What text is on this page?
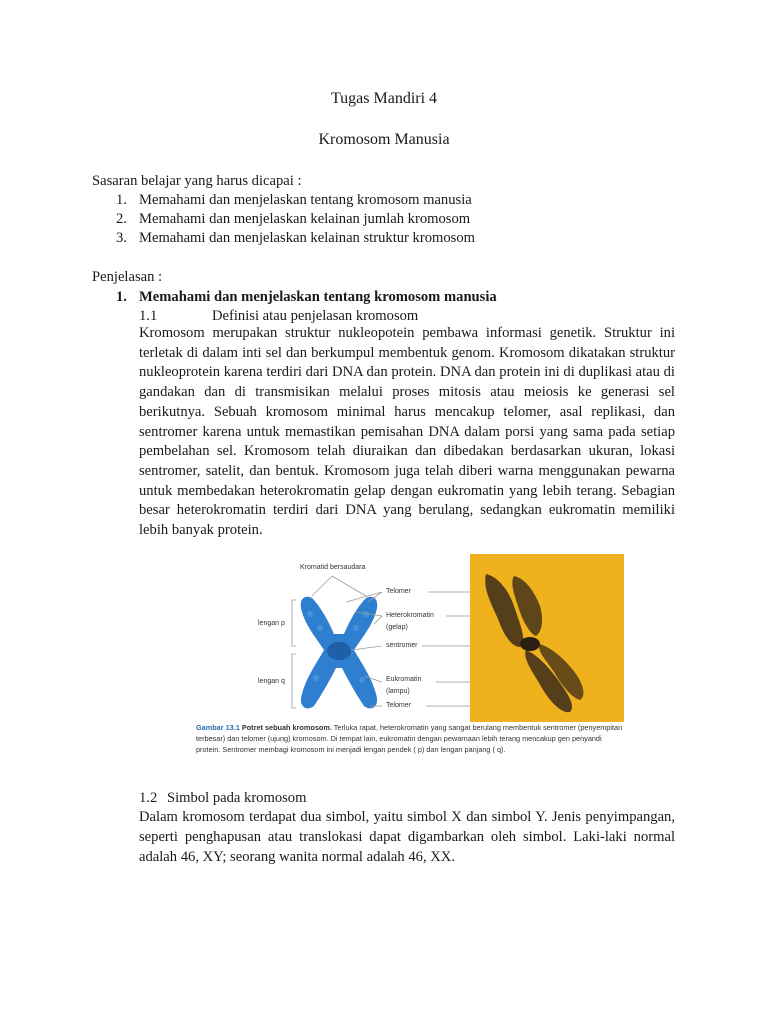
Tugas Mandiri 4
Kromosom Manusia
Sasaran belajar yang harus dicapai :
1. Memahami dan menjelaskan tentang kromosom manusia
2. Memahami dan menjelaskan kelainan jumlah kromosom
3. Memahami dan menjelaskan kelainan struktur kromosom
Penjelasan :
1. Memahami dan menjelaskan tentang kromosom manusia
1.1	Definisi atau penjelasan kromosom
Kromosom merupakan struktur nukleopotein pembawa informasi genetik. Struktur ini terletak di dalam inti sel dan berkumpul membentuk genom. Kromosom dikatakan struktur nukleoprotein karena terdiri dari DNA dan protein. DNA dan protein ini di duplikasi atau di gandakan dan di transmisikan melalui proses mitosis atau meiosis ke generasi sel berikutnya. Sebuah kromosom minimal harus mencakup telomer, asal replikasi, dan sentromer karena untuk memastikan pemisahan DNA dalam porsi yang sama pada setiap pembelahan sel. Kromosom telah diuraikan dan dibedakan berdasarkan ukuran, lokasi sentromer, satelit, dan bentuk. Kromosom juga telah diberi warna menggunakan pewarna untuk membedakan heterokromatin gelap dengan eukromatin yang lebih terang. Sebagian besar heterokromatin terdiri dari DNA yang berulang, sedangkan eukromatin memiliki lebih banyak protein.
Kromatid bersaudara
Telomer
Heterokromatin
(gelap)
lengan p
sentromer
lengan q	Eukromatin
(lampu)
Telomer
Gambar 13.1 Potret sebuah kromosom. Terluka rapat, heterokromatin yang sangat berulang membentuk sentromer (penyempitan terbesar) dan telomer (ujung) kromosom. Di tempat lain, eukromatin dengan pewarnaan lebih terang mencakup gen penyandi protein. Sentromer membagi kromosom ini menjadi lengan pendek ( p) dan lengan panjang ( q).
1.2 Simbol pada kromosom
Dalam kromosom terdapat dua simbol, yaitu simbol X dan simbol Y. Jenis penyimpangan, seperti penghapusan atau translokasi dapat digambarkan oleh simbol. Laki-laki normal adalah 46, XY; seorang wanita normal adalah 46, XX.
